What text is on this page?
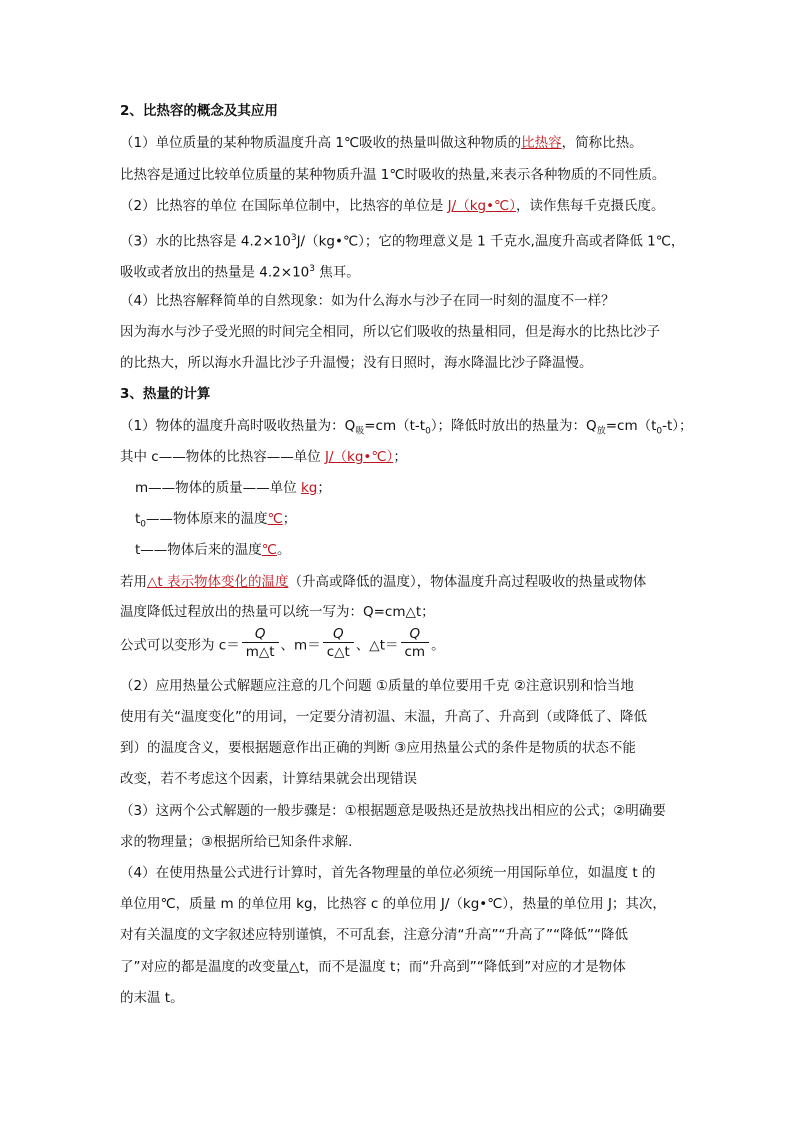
2、比热容的概念及其应用
（1）单位质量的某种物质温度升高 1℃吸收的热量叫做这种物质的比热容，简称比热。
比热容是通过比较单位质量的某种物质升温 1℃时吸收的热量,来表示各种物质的不同性质。
（2）比热容的单位 在国际单位制中，比热容的单位是 J/（kg•℃），读作焦每千克摄氏度。
（3）水的比热容是 $4.2\times 10^3J/(kg•℃)$；它的物理意义是 1 千克水,温度升高或者降低 1℃，
吸收或者放出的热量是 $4.2\times 10^3$ 焦耳。
（4）比热容解释简单的自然现象：如为什么海水与沙子在同一时刻的温度不一样？
因为海水与沙子受光照的时间完全相同，所以它们吸收的热量相同，但是海水的比热比沙子
的比热大，所以海水升温比沙子升温慢；没有日照时，海水降温比沙子降温慢。
3、热量的计算
（1）物体的温度升高时吸收热量为：$Q_吸=cm(t-t_0)$；降低时放出的热量为：$Q_放=cm(t_0-t)$；
其中 c——物体的比热容——单位 J/（kg•℃）；
m——物体的质量——单位 kg；
$t_0——$物体原来的温度℃；
t——物体后来的温度℃。
若用△t 表示物体变化的温度（升高或降低的温度），物体温度升高过程吸收的热量或物体
温度降低过程放出的热量可以统一写为：Q=cm△t；
公式可以变形为 $c= \frac{Q}{m\triangle t}$ 、$m= \frac{Q}{c\triangle t}$ 、△t＝ $\frac{Q}{cm}$ 。
（2）应用热量公式解题应注意的几个问题 ①质量的单位要用千克 ②注意识别和恰当地
使用有关“温度变化”的用词，一定要分清初温、末温，升高了、升高到（或降低了、降低
到）的温度含义，要根据题意作出正确的判断 ③应用热量公式的条件是物质的状态不能
改变，若不考虑这个因素，计算结果就会出现错误
（3）这两个公式解题的一般步骤是：①根据题意是吸热还是放热找出相应的公式；②明确要
求的物理量；③根据所给已知条件求解.
（4）在使用热量公式进行计算时，首先各物理量的单位必须统一用国际单位，如温度 t 的
单位用℃，质量 m 的单位用 kg，比热容 c 的单位用 J/（kg•℃），热量的单位用 J；其次，
对有关温度的文字叙述应特别谨慎，不可乱套，注意分清“升高”“升高了”“降低”“降低
了”对应的都是温度的改变量△t，而不是温度 t；而“升高到”“降低到”对应的才是物体
的末温 t。
